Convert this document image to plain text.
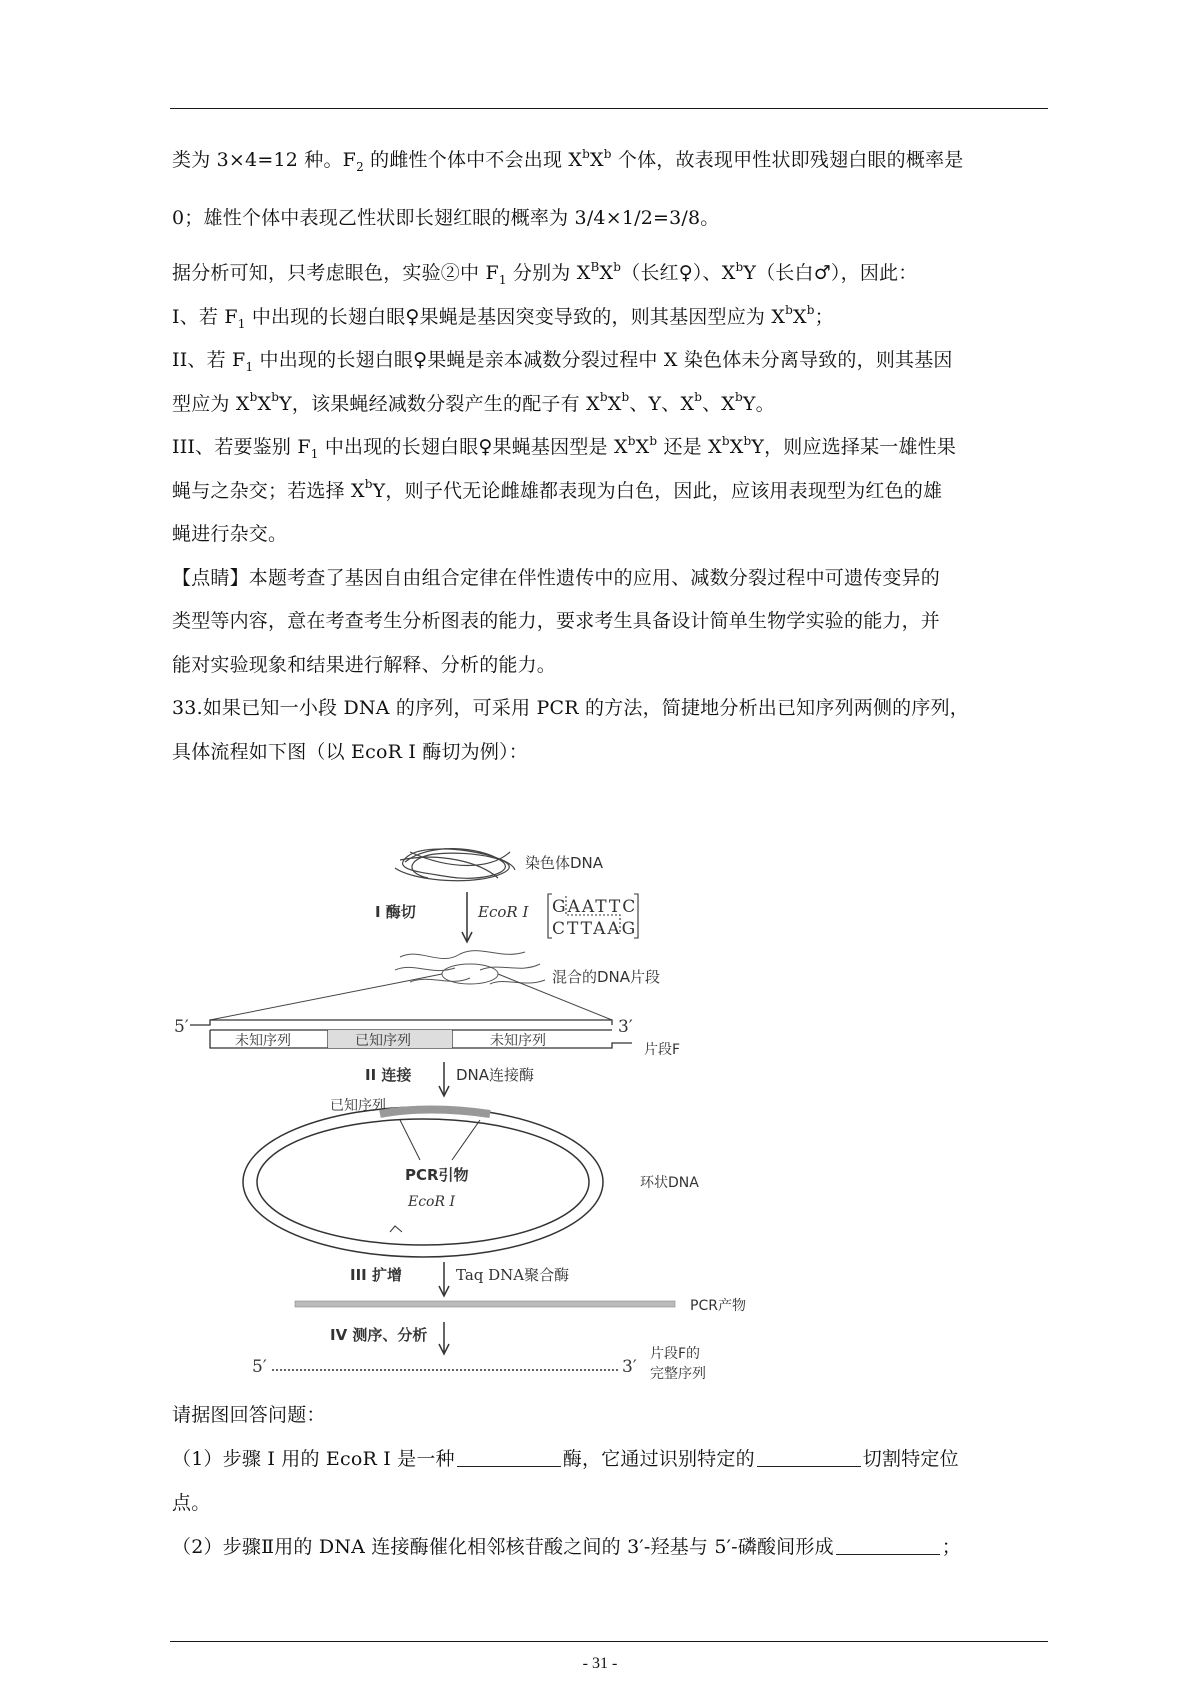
类为 3×4=12 种。$F_2$ 的雌性个体中不会出现 $X^bX^b$ 个体，故表现甲性状即残翅白眼的概率是
0；雄性个体中表现乙性状即长翅红眼的概率为 3/4×1/2=3/8。
据分析可知，只考虑眼色，实验②中 $F_1$ 分别为 $X^BX^b$（长红♀）、$X^bY$（长白♂），因此：
I、若 $F_1$ 中出现的长翅白眼♀果蝇是基因突变导致的，则其基因型应为 $X^bX^b$；
II、若 $F_1$ 中出现的长翅白眼♀果蝇是亲本减数分裂过程中 X 染色体未分离导致的，则其基因
型应为 $X^bX^bY$，该果蝇经减数分裂产生的配子有 $X^bX^b$、Y、$X^b$、$X^bY$。
III、若要鉴别 $F_1$ 中出现的长翅白眼♀果蝇基因型是 $X^bX^b$ 还是 $X^bX^bY$，则应选择某一雄性果
蝇与之杂交；若选择 $X^bY$，则子代无论雌雄都表现为白色，因此，应该用表现型为红色的雄
蝇进行杂交。
【点睛】本题考查了基因自由组合定律在伴性遗传中的应用、减数分裂过程中可遗传变异的
类型等内容，意在考查考生分析图表的能力，要求考生具备设计简单生物学实验的能力，并
能对实验现象和结果进行解释、分析的能力。
33.如果已知一小段 DNA 的序列，可采用 PCR 的方法，简捷地分析出已知序列两侧的序列，
具体流程如下图（以 EcoR I 酶切为例）：
染色体DNA
I 酶切	EcoR I GAATTC
CTTAAG
混合的DNA片段
5′
未知序列	已知序列	未知序列
3′
片段F
II 连接	DNA连接酶
已知序列
PCR引物
EcoR I
环状DNA
III 扩增	Taq DNA聚合酶
PCR产物
IV 测序、分析
5′	3′
片段F的
完整序列
请据图回答问题：
（1）步骤 I 用的 EcoR I 是一种	酶，它通过识别特定的	切割特定位
点。
（2）步骤Ⅱ用的 DNA 连接酶催化相邻核苷酸之间的 3′-羟基与 5′-磷酸间形成	；
- 31 -
